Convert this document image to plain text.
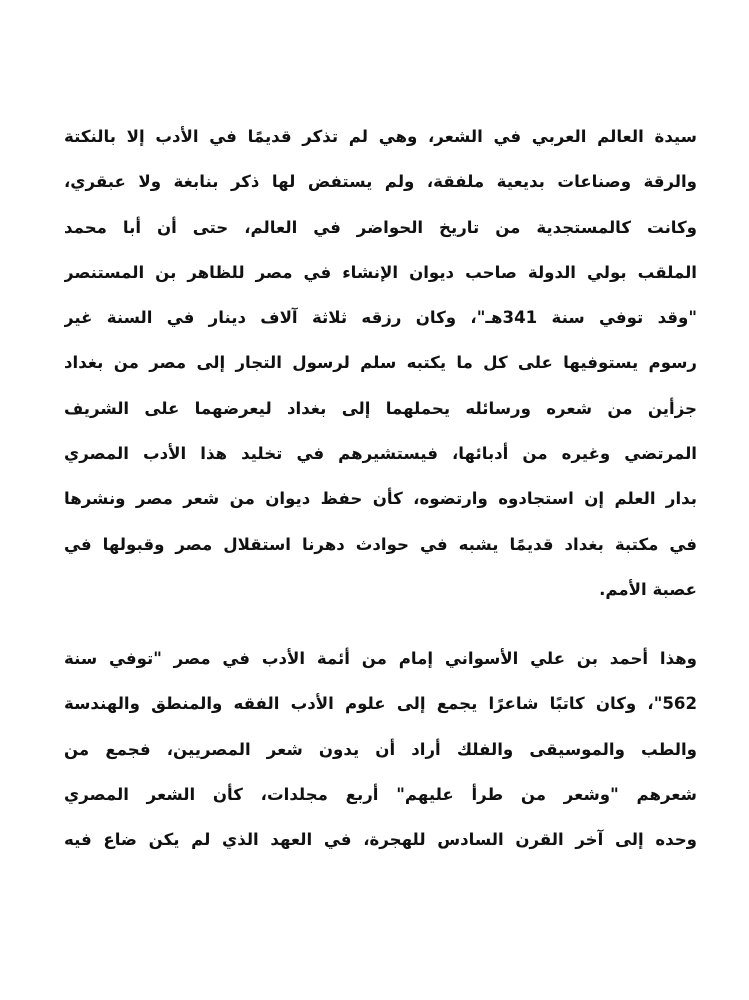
سيدة العالم العربي في الشعر، وهي لم تذكر قديمًا في الأدب إلا بالنكتة
والرقة وصناعات بديعية ملفقة، ولم يستفض لها ذكر بنابغة ولا عبقري،
وكانت كالمستجدية من تاريخ الحواضر في العالم، حتى أن أبا محمد
الملقب بولي الدولة صاحب ديوان الإنشاء في مصر للظاهر بن المستنصر
"وقد توفي سنة 341هـ"، وكان رزقه ثلاثة آلاف دينار في السنة غير
رسوم يستوفيها على كل ما يكتبه سلم لرسول التجار إلى مصر من بغداد
جزأين من شعره ورسائله يحملهما إلى بغداد ليعرضهما على الشريف
المرتضي وغيره من أدبائها، فيستشيرهم في تخليد هذا الأدب المصري
بدار العلم إن استجادوه وارتضوه، كأن حفظ ديوان من شعر مصر ونشرها
في مكتبة بغداد قديمًا يشبه في حوادث دهرنا استقلال مصر وقبولها في
عصبة الأمم.
وهذا أحمد بن علي الأسواني إمام من أئمة الأدب في مصر "توفي سنة
562"، وكان كاتبًا شاعرًا يجمع إلى علوم الأدب الفقه والمنطق والهندسة
والطب والموسيقى والفلك أراد أن يدون شعر المصريين، فجمع من
شعرهم "وشعر من طرأ عليهم" أربع مجلدات، كأن الشعر المصري
وحده إلى آخر القرن السادس للهجرة، في العهد الذي لم يكن ضاع فيه
